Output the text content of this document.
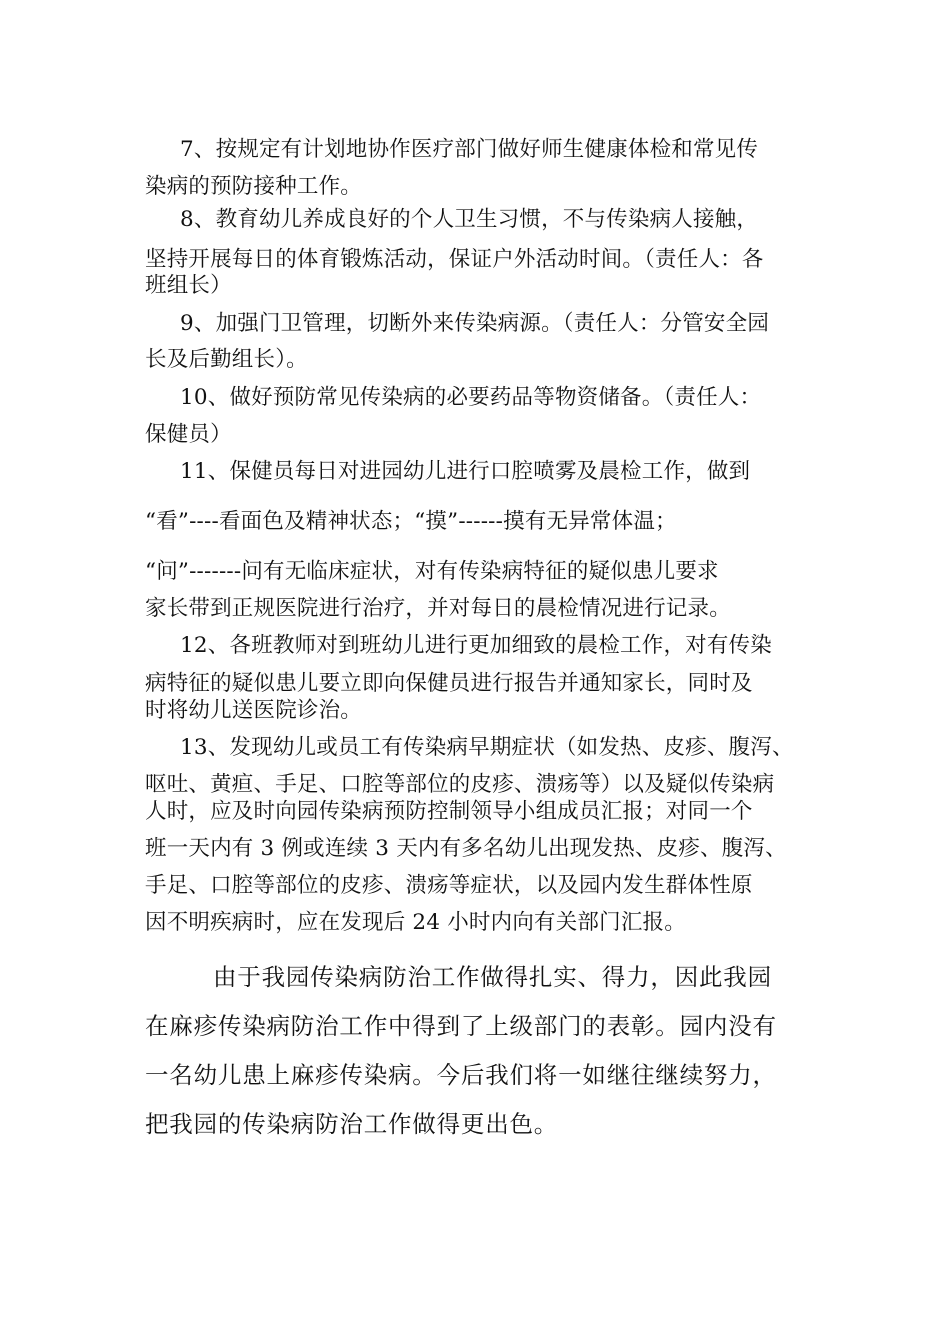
7、按规定有计划地协作医疗部门做好师生健康体检和常见传
染病的预防接种工作。
8、教育幼儿养成良好的个人卫生习惯，不与传染病人接触，
坚持开展每日的体育锻炼活动，保证户外活动时间。（责任人：各
班组长）
9、加强门卫管理，切断外来传染病源。（责任人：分管安全园
长及后勤组长）。
10、做好预防常见传染病的必要药品等物资储备。（责任人：
保健员）
11、保健员每日对进园幼儿进行口腔喷雾及晨检工作，做到
“看”----看面色及精神状态；“摸”------摸有无异常体温；
“问”-------问有无临床症状，对有传染病特征的疑似患儿要求
家长带到正规医院进行治疗，并对每日的晨检情况进行记录。
12、各班教师对到班幼儿进行更加细致的晨检工作，对有传染
病特征的疑似患儿要立即向保健员进行报告并通知家长，同时及
时将幼儿送医院诊治。
13、发现幼儿或员工有传染病早期症状（如发热、皮疹、腹泻、
呕吐、黄疸、手足、口腔等部位的皮疹、溃疡等）以及疑似传染病
人时，应及时向园传染病预防控制领导小组成员汇报；对同一个
班一天内有 3 例或连续 3 天内有多名幼儿出现发热、皮疹、腹泻、
手足、口腔等部位的皮疹、溃疡等症状，以及园内发生群体性原
因不明疾病时，应在发现后 24 小时内向有关部门汇报。
由于我园传染病防治工作做得扎实、得力，因此我园
在麻疹传染病防治工作中得到了上级部门的表彰。园内没有
一名幼儿患上麻疹传染病。今后我们将一如继往继续努力，
把我园的传染病防治工作做得更出色。
